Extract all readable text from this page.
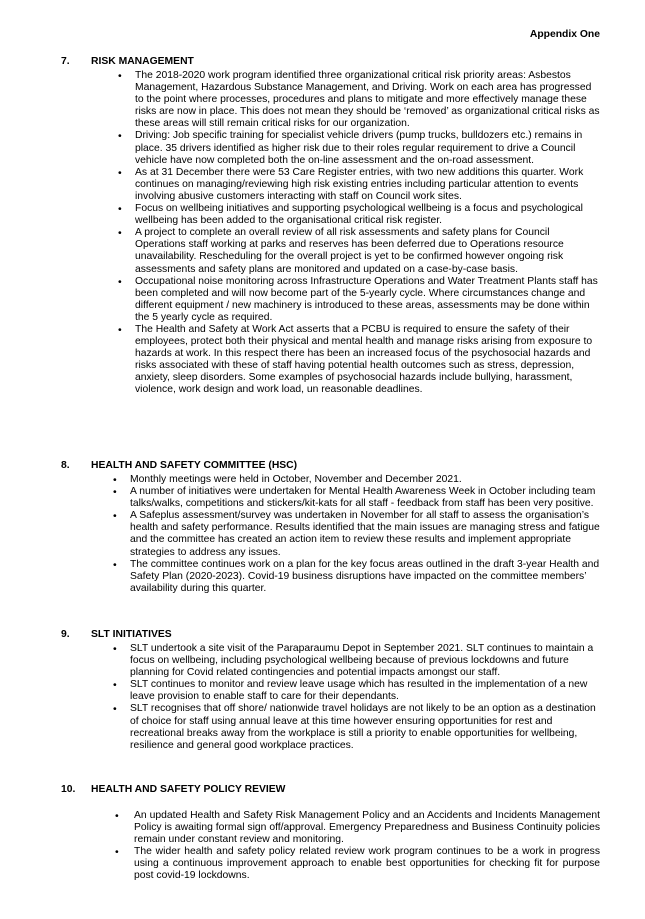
Appendix One
7. RISK MANAGEMENT
• The 2018-2020 work program identified three organizational critical risk priority areas: Asbestos Management, Hazardous Substance Management, and Driving. Work on each area has progressed to the point where processes, procedures and plans to mitigate and more effectively manage these risks are now in place. This does not mean they should be ‘removed’ as organizational critical risks as these areas will still remain critical risks for our organization.
• Driving: Job specific training for specialist vehicle drivers (pump trucks, bulldozers etc.) remains in place. 35 drivers identified as higher risk due to their roles regular requirement to drive a Council vehicle have now completed both the on-line assessment and the on-road assessment.
• As at 31 December there were 53 Care Register entries, with two new additions this quarter. Work continues on managing/reviewing high risk existing entries including particular attention to events involving abusive customers interacting with staff on Council work sites.
• Focus on wellbeing initiatives and supporting psychological wellbeing is a focus and psychological wellbeing has been added to the organisational critical risk register.
• A project to complete an overall review of all risk assessments and safety plans for Council Operations staff working at parks and reserves has been deferred due to Operations resource unavailability. Rescheduling for the overall project is yet to be confirmed however ongoing risk assessments and safety plans are monitored and updated on a case-by-case basis.
• Occupational noise monitoring across Infrastructure Operations and Water Treatment Plants staff has been completed and will now become part of the 5-yearly cycle. Where circumstances change and different equipment / new machinery is introduced to these areas, assessments may be done within the 5 yearly cycle as required.
• The Health and Safety at Work Act asserts that a PCBU is required to ensure the safety of their employees, protect both their physical and mental health and manage risks arising from exposure to hazards at work. In this respect there has been an increased focus of the psychosocial hazards and risks associated with these of staff having potential health outcomes such as stress, depression, anxiety, sleep disorders. Some examples of psychosocial hazards include bullying, harassment, violence, work design and work load, un reasonable deadlines.
8. HEALTH AND SAFETY COMMITTEE (HSC)
• Monthly meetings were held in October, November and December 2021.
• A number of initiatives were undertaken for Mental Health Awareness Week in October including team talks/walks, competitions and stickers/kit-kats for all staff - feedback from staff has been very positive.
• A Safeplus assessment/survey was undertaken in November for all staff to assess the organisation’s health and safety performance. Results identified that the main issues are managing stress and fatigue and the committee has created an action item to review these results and implement appropriate strategies to address any issues.
• The committee continues work on a plan for the key focus areas outlined in the draft 3-year Health and Safety Plan (2020-2023). Covid-19 business disruptions have impacted on the committee members’ availability during this quarter.
9. SLT INITIATIVES
• SLT undertook a site visit of the Paraparaumu Depot in September 2021. SLT continues to maintain a focus on wellbeing, including psychological wellbeing because of previous lockdowns and future planning for Covid related contingencies and potential impacts amongst our staff.
• SLT continues to monitor and review leave usage which has resulted in the implementation of a new leave provision to enable staff to care for their dependants.
• SLT recognises that off shore/ nationwide travel holidays are not likely to be an option as a destination of choice for staff using annual leave at this time however ensuring opportunities for rest and recreational breaks away from the workplace is still a priority to enable opportunities for wellbeing, resilience and general good workplace practices.
10. HEALTH AND SAFETY POLICY REVIEW
• An updated Health and Safety Risk Management Policy and an Accidents and Incidents Management Policy is awaiting formal sign off/approval. Emergency Preparedness and Business Continuity policies remain under constant review and monitoring.
• The wider health and safety policy related review work program continues to be a work in progress using a continuous improvement approach to enable best opportunities for checking fit for purpose post covid-19 lockdowns.
